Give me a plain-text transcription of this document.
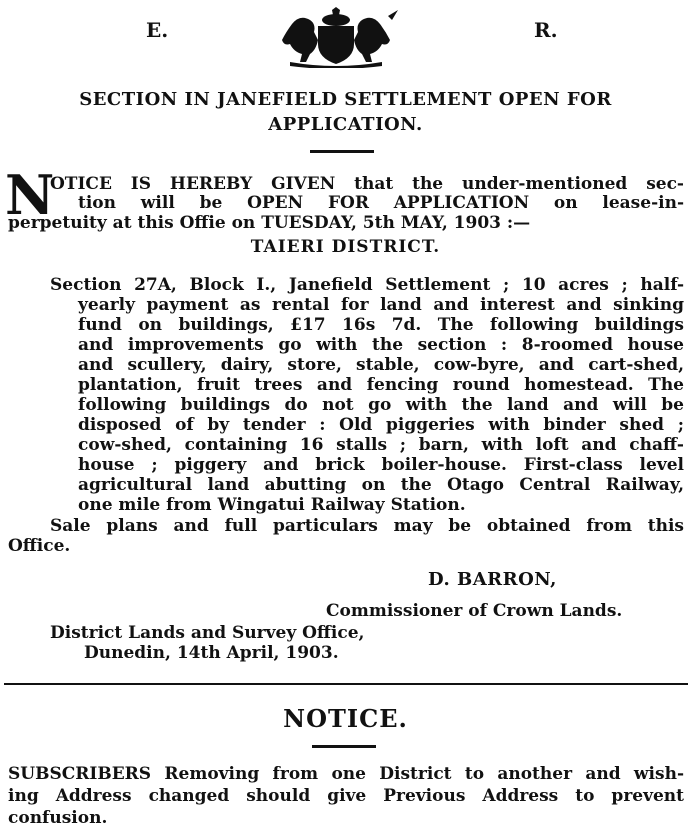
E.	R.
SECTION IN JANEFIELD SETTLEMENT OPEN FOR
APPLICATION.
N
OTICE IS HEREBY GIVEN that the under-mentioned sec-
tion will be OPEN FOR APPLICATION on lease-in-
perpetuity at this Offie on TUESDAY, 5th MAY, 1903 :—
TAIERI DISTRICT.
Section 27A, Block I., Janefield Settlement ; 10 acres ; half-
yearly payment as rental for land and interest and sinking
fund on buildings, £17 16s 7d. The following buildings
and improvements go with the section : 8-roomed house
and scullery, dairy, store, stable, cow-byre, and cart-shed,
plantation, fruit trees and fencing round homestead. The
following buildings do not go with the land and will be
disposed of by tender : Old piggeries with binder shed ;
cow-shed, containing 16 stalls ; barn, with loft and chaff-
house ; piggery and brick boiler-house. First-class level
agricultural land abutting on the Otago Central Railway,
one mile from Wingatui Railway Station.
Sale plans and full particulars may be obtained from this
Office.
D. BARRON,
Commissioner of Crown Lands.
District Lands and Survey Office,
Dunedin, 14th April, 1903.
NOTICE.
SUBSCRIBERS Removing from one District to another and wish-
ing Address changed should give Previous Address to prevent
confusion.
